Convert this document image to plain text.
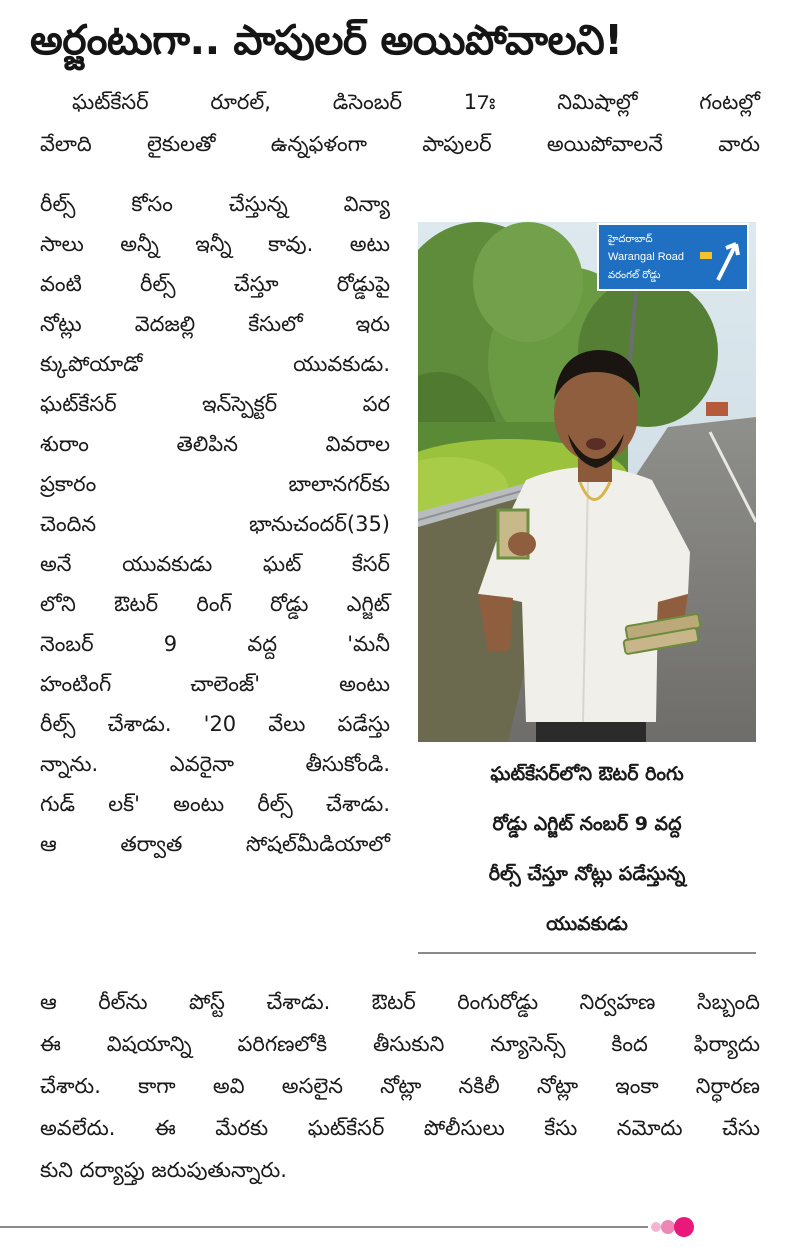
అర్జంటుగా.. పాపులర్ అయిపోవాలని!
ఘట్‌కేసర్ రూరల్, డిసెంబర్ 17ః నిమిషాల్లో గంటల్లో
వేలాది లైకులతో ఉన్నఫళంగా పాపులర్ అయిపోవాలనే వారు
రీల్స్ కోసం చేస్తున్న విన్యా
సాలు అన్నీ ఇన్నీ కావు. అటు
వంటి రీల్స్ చేస్తూ రోడ్డుపై
నోట్లు వెదజల్లి కేసులో ఇరు
క్కుపోయాడో యువకుడు.
ఘట్‌కేసర్ ఇన్‌స్పెక్టర్ పర
శురాం తెలిపిన వివరాల
ప్రకారం బాలానగర్‌కు
చెందిన భానుచందర్(35)
అనే యువకుడు ఘట్ కేసర్
లోని ఔటర్ రింగ్ రోడ్డు ఎగ్జిట్
నెంబర్ 9 వద్ద 'మనీ
హంటింగ్ చాలెంజ్' అంటు
రీల్స్ చేశాడు. '20 వేలు పడేస్తు
న్నాను. ఎవరైనా తీసుకోండి.
గుడ్ లక్' అంటు రీల్స్ చేశాడు.
ఆ తర్వాత సోషల్‌మీడియాలో
హైదరాబాద్
Warangal Road
వరంగల్ రోడ్డు
ఘట్‌కేసర్‌లోని ఔటర్ రింగు
రోడ్డు ఎగ్జిట్ నంబర్ 9 వద్ద
రీల్స్ చేస్తూ నోట్లు పడేస్తున్న
యువకుడు
ఆ రీల్‌ను పోస్ట్ చేశాడు. ఔటర్ రింగురోడ్డు నిర్వహణ సిబ్బంది
ఈ విషయాన్ని పరిగణలోకి తీసుకుని న్యూసెన్స్ కింద ఫిర్యాదు
చేశారు. కాగా అవి అసలైన నోట్లా నకిలీ నోట్లా ఇంకా నిర్ధారణ
అవలేదు. ఈ మేరకు ఘట్‌కేసర్ పోలీసులు కేసు నమోదు చేసు
కుని దర్యాప్తు జరుపుతున్నారు.
